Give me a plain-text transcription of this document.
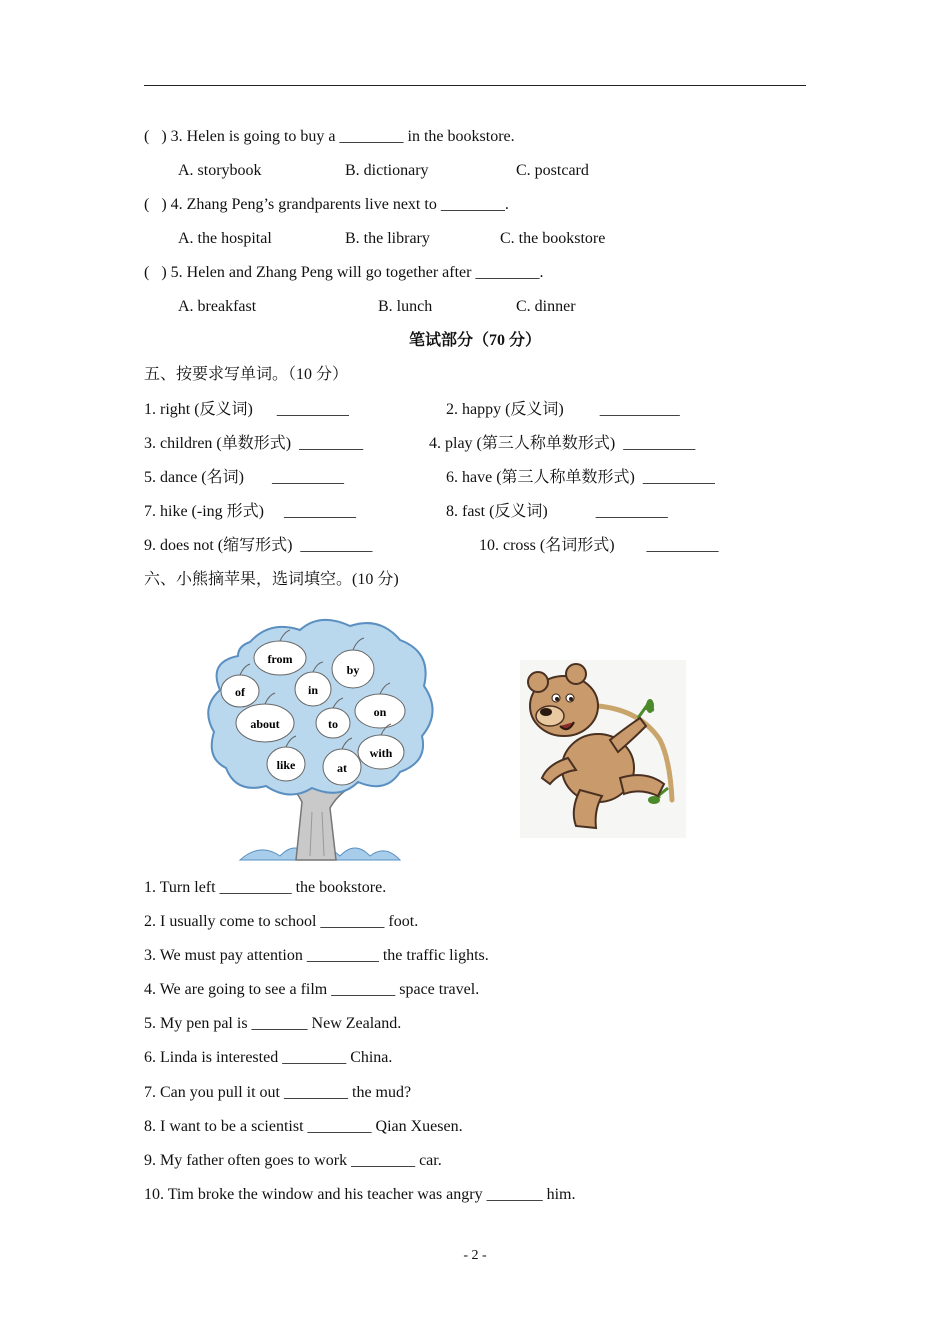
(   ) 3. Helen is going to buy a ________ in the bookstore.
A. storybook	B. dictionary	C. postcard
(   ) 4. Zhang Peng’s grandparents live next to ________.
A. the hospital	B. the library	C. the bookstore
(   ) 5. Helen and Zhang Peng will go together after ________.
A. breakfast	B. lunch	C. dinner
笔试部分（70 分）
五、按要求写单词。（10 分）
1. right (反义词)      _________	2. happy (反义词)         __________
3. children (单数形式)  ________	4. play (第三人称单数形式)  _________
5. dance (名词)       _________	6. have (第三人称单数形式)  _________
7. hike (-ing 形式)     _________	8. fast (反义词)            _________
9. does not (缩写形式)  _________	10. cross (名词形式)        _________
六、小熊摘苹果，选词填空。(10 分)
from
by
of	in
on
about	to
with
like	at
1. Turn left _________ the bookstore.
2. I usually come to school ________ foot.
3. We must pay attention _________ the traffic lights.
4. We are going to see a film ________ space travel.
5. My pen pal is _______ New Zealand.
6. Linda is interested ________ China.
7. Can you pull it out ________ the mud?
8. I want to be a scientist ________ Qian Xuesen.
9. My father often goes to work ________ car.
10. Tim broke the window and his teacher was angry _______ him.
- 2 -
